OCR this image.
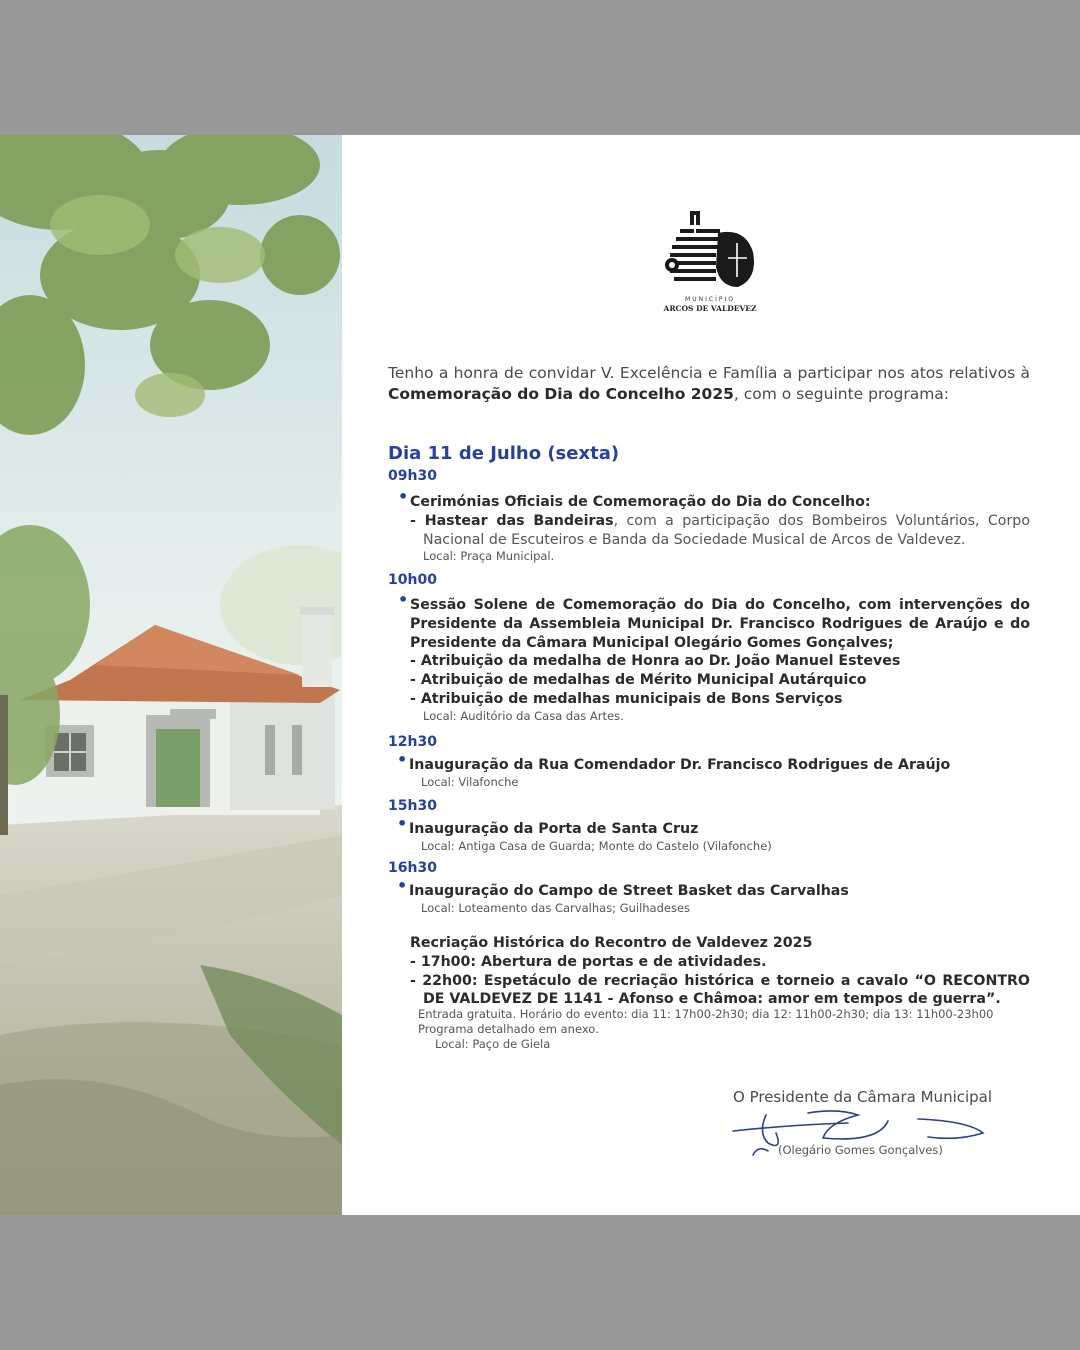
MUNICÍPIO
ARCOS DE VALDEVEZ
Tenho a honra de convidar V. Excelência e Família a participar nos atos relativos à Comemoração do Dia do Concelho 2025, com o seguinte programa:
Dia 11 de Julho (sexta)
09h30
• Cerimónias Oficiais de Comemoração do Dia do Concelho:
- Hastear das Bandeiras, com a participação dos Bombeiros Voluntários, Corpo Nacional de Escuteiros e Banda da Sociedade Musical de Arcos de Valdevez.
Local: Praça Municipal.
10h00
• Sessão Solene de Comemoração do Dia do Concelho, com intervenções do Presidente da Assembleia Municipal Dr. Francisco Rodrigues de Araújo e do Presidente da Câmara Municipal Olegário Gomes Gonçalves;
- Atribuição da medalha de Honra ao Dr. João Manuel Esteves
- Atribuição de medalhas de Mérito Municipal Autárquico
- Atribuição de medalhas municipais de Bons Serviços
Local: Auditório da Casa das Artes.
12h30
• Inauguração da Rua Comendador Dr. Francisco Rodrigues de Araújo
Local: Vilafonche
15h30
• Inauguração da Porta de Santa Cruz
Local: Antiga Casa de Guarda; Monte do Castelo (Vilafonche)
16h30
• Inauguração do Campo de Street Basket das Carvalhas
Local: Loteamento das Carvalhas; Guilhadeses
Recriação Histórica do Recontro de Valdevez 2025
- 17h00: Abertura de portas e de atividades.
- 22h00: Espetáculo de recriação histórica e torneio a cavalo “O RECONTRO DE VALDEVEZ DE 1141 - Afonso e Châmoa: amor em tempos de guerra”.
Entrada gratuita. Horário do evento: dia 11: 17h00-2h30; dia 12: 11h00-2h30; dia 13: 11h00-23h00
Programa detalhado em anexo.
Local: Paço de Giela
O Presidente da Câmara Municipal
(Olegário Gomes Gonçalves)
